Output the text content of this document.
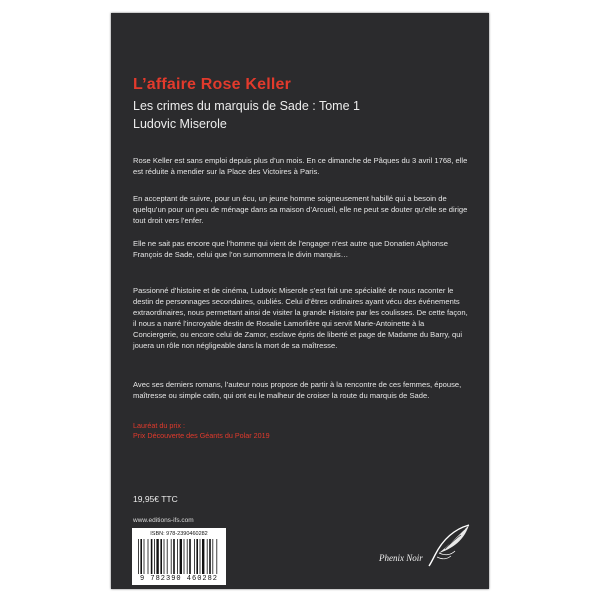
L’affaire Rose Keller

Les crimes du marquis de Sade : Tome 1

Ludovic Miserole

Rose Keller est sans emploi depuis plus d’un mois. En ce dimanche de Pâques du 3 avril 1768, elle est réduite à mendier sur la Place des Victoires à Paris.

En acceptant de suivre, pour un écu, un jeune homme soigneusement habillé qui a besoin de quelqu’un pour un peu de ménage dans sa maison d’Arcueil, elle ne peut se douter qu’elle se dirige tout droit vers l’enfer.

Elle ne sait pas encore que l’homme qui vient de l’engager n’est autre que Donatien Alphonse François de Sade, celui que l’on surnommera le divin marquis…

Passionné d’histoire et de cinéma, Ludovic Miserole s’est fait une spécialité de nous raconter le destin de personnages secondaires, oubliés. Celui d’êtres ordinaires ayant vécu des événements extraordinaires, nous permettant ainsi de visiter la grande Histoire par les coulisses. De cette façon, il nous a narré l’incroyable destin de Rosalie Lamorlière qui servit Marie-Antoinette à la Conciergerie, ou encore celui de Zamor, esclave épris de liberté et page de Madame du Barry, qui jouera un rôle non négligeable dans la mort de sa maîtresse.

Avec ses derniers romans, l’auteur nous propose de partir à la rencontre de ces femmes, épouse, maîtresse ou simple catin, qui ont eu le malheur de croiser la route du marquis de Sade.

Lauréat du prix :
Prix Découverte des Géants du Polar 2019

19,95€ TTC

www.editions-ifs.com

ISBN: 978-2390460282

9 782390 460282

Phenix Noir
